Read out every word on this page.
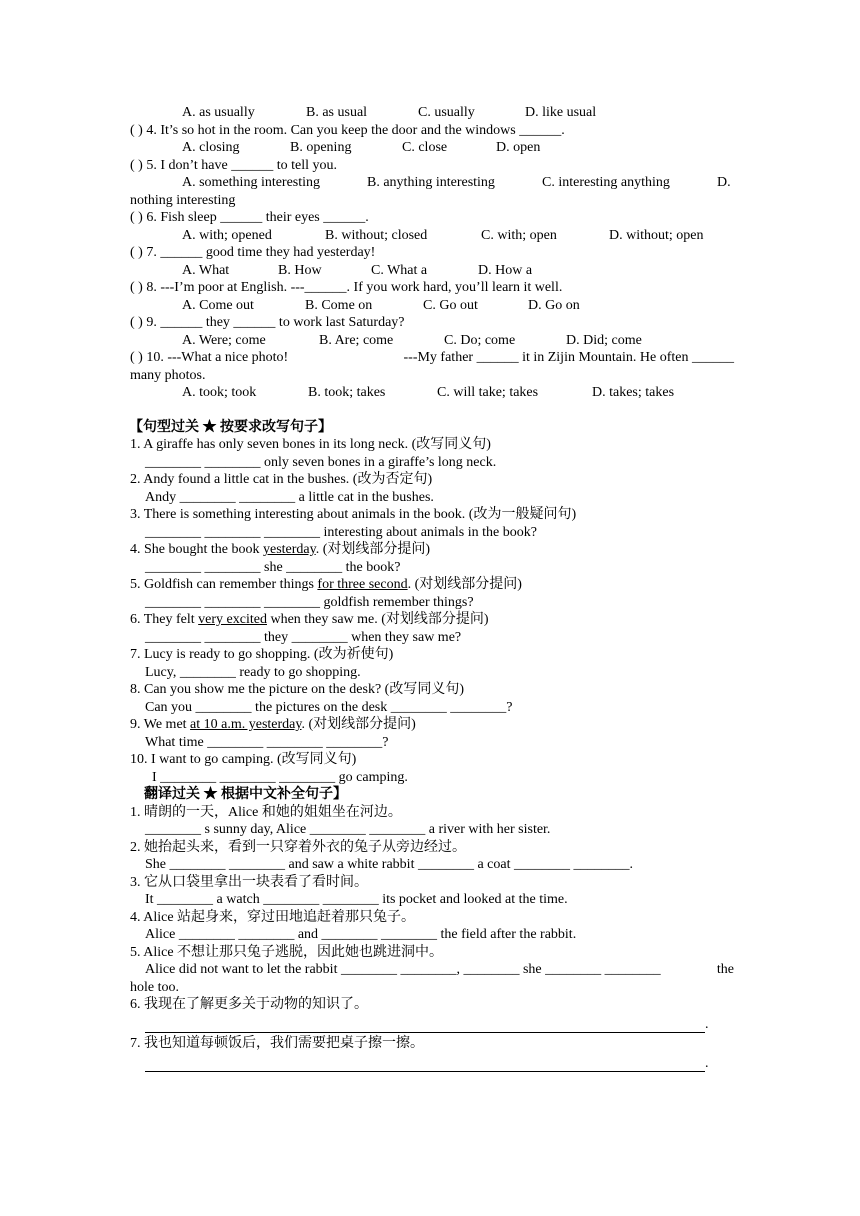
A. as usually	B. as usual	C. usually	D. like usual
( ) 4. It’s so hot in the room. Can you keep the door and the windows ______.
A. closing	B. opening	C. close	D. open
( ) 5. I don’t have ______ to tell you.
A. something interesting	B. anything interesting	C. interesting anything	D.
nothing interesting
( ) 6. Fish sleep ______ their eyes ______.
A. with; opened	B. without; closed	C. with; open	D. without; open
( ) 7. ______ good time they had yesterday!
A. What	B. How	C. What a	D. How a
( ) 8. ---I’m poor at English. ---______. If you work hard, you’ll learn it well.
A. Come out	B. Come on	C. Go out	D. Go on
( ) 9. ______ they ______ to work last Saturday?
A. Were; come	B. Are; come	C. Do; come	D. Did; come
( ) 10. ---What a nice photo!	---My father ______ it in Zijin Mountain. He often ______
many photos.
A. took; took	B. took; takes	C. will take; takes	D. takes; takes
【句型过关 ★ 按要求改写句子】
1. A giraffe has only seven bones in its long neck. (改写同义句)
________ ________ only seven bones in a giraffe’s long neck.
2. Andy found a little cat in the bushes. (改为否定句)
Andy ________ ________ a little cat in the bushes.
3. There is something interesting about animals in the book. (改为一般疑问句)
________ ________ ________ interesting about animals in the book?
4. She bought the book yesterday. (对划线部分提问)
________ ________ she ________ the book?
5. Goldfish can remember things for three second. (对划线部分提问)
________ ________ ________ goldfish remember things?
6. They felt very excited when they saw me. (对划线部分提问)
________ ________ they ________ when they saw me?
7. Lucy is ready to go shopping. (改为祈使句)
Lucy, ________ ready to go shopping.
8. Can you show me the picture on the desk? (改写同义句)
Can you ________ the pictures on the desk ________ ________?
9. We met at 10 a.m. yesterday. (对划线部分提问)
What time ________ ________ ________?
10. I want to go camping. (改写同义句)
I ________ ________ ________ go camping.
翻译过关 ★ 根据中文补全句子】
1. 晴朗的一天，Alice 和她的姐姐坐在河边。
________ s sunny day, Alice ________ ________ a river with her sister.
2. 她抬起头来，看到一只穿着外衣的兔子从旁边经过。
She ________ ________ and saw a white rabbit ________ a coat ________ ________.
3. 它从口袋里拿出一块表看了看时间。
It ________ a watch ________ ________ its pocket and looked at the time.
4. Alice 站起身来，穿过田地追赶着那只兔子。
Alice ________ ________ and ________ ________ the field after the rabbit.
5. Alice 不想让那只兔子逃脱，因此她也跳进洞中。
Alice did not want to let the rabbit ________ ________, ________ she ________ ________	the
hole too.
6. 我现在了解更多关于动物的知识了。
.
7. 我也知道每顿饭后，我们需要把桌子擦一擦。
.
